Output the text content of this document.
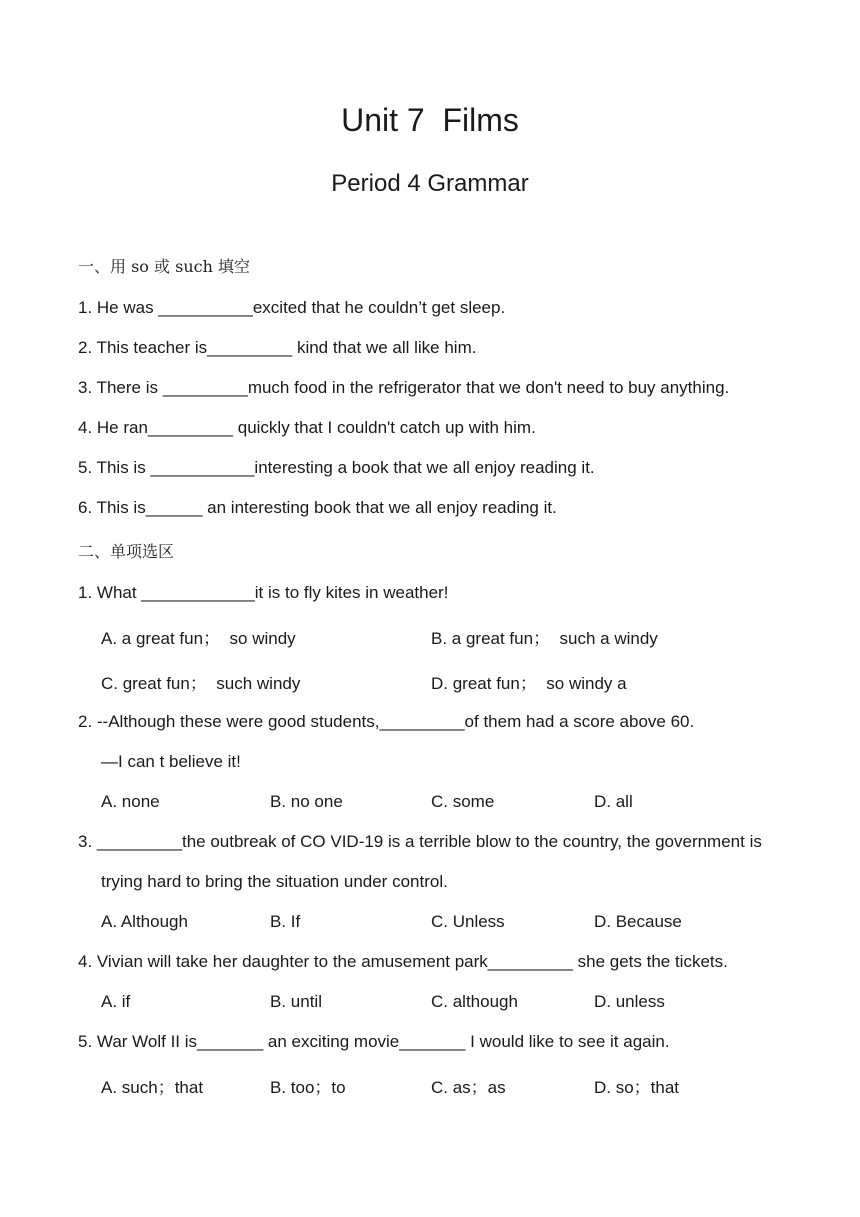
Unit 7  Films
Period 4 Grammar
一、用 so 或 such 填空
1. He was __________excited that he couldn’t get sleep.
2. This teacher is_________ kind that we all like him.
3. There is _________much food in the refrigerator that we don't need to buy anything.
4. He ran_________ quickly that I couldn't catch up with him.
5. This is ___________interesting a book that we all enjoy reading it.
6. This is______ an interesting book that we all enjoy reading it.
二、单项选区
1. What ____________it is to fly kites in weather!
A. a great fun；  so windy	B. a great fun；  such a windy
C. great fun；  such windy	D. great fun；  so windy a
2. --Although these were good students,_________of them had a score above 60.
—I can t believe it!
A. none	B. no one	C. some	D. all
3. _________the outbreak of CO VID-19 is a terrible blow to the country, the government is
trying hard to bring the situation under control.
A. Although	B. If	C. Unless	D. Because
4. Vivian will take her daughter to the amusement park_________ she gets the tickets.
A. if	B. until	C. although	D. unless
5. War Wolf II is_______ an exciting movie_______ I would like to see it again.
A. such；that	B. too；to	C. as；as	D. so；that
